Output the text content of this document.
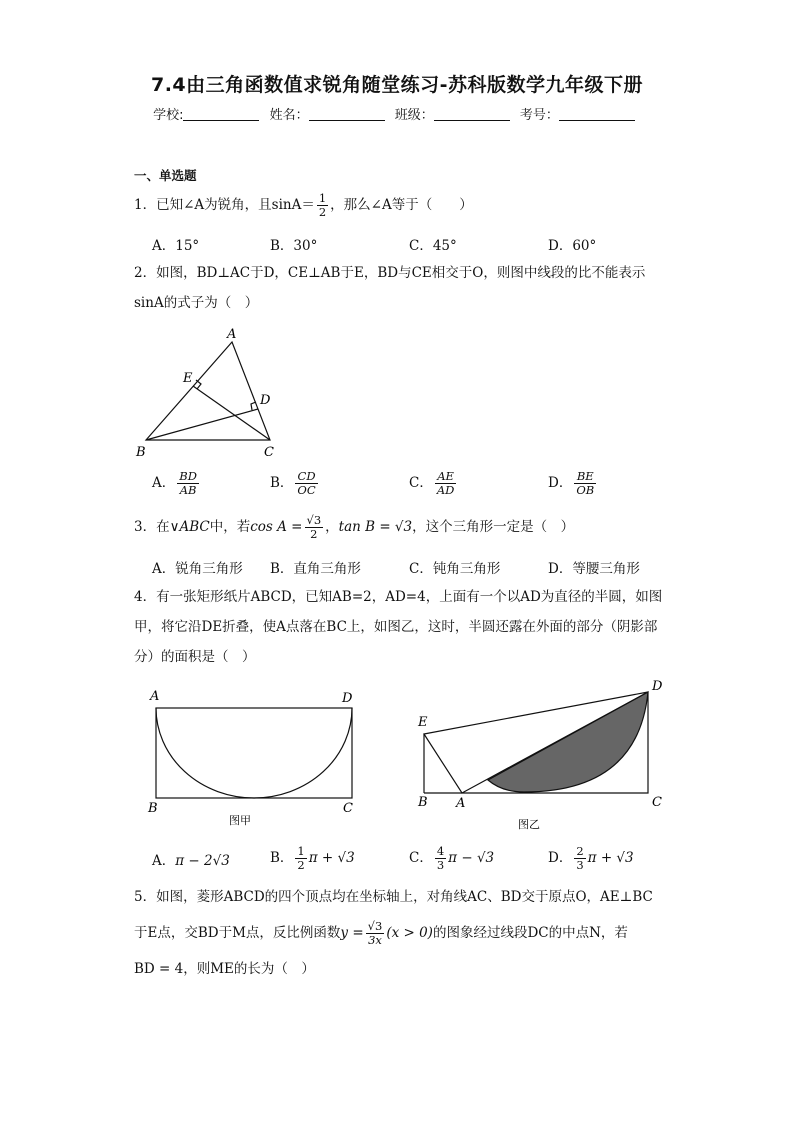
7.4由三角函数值求锐角随堂练习-苏科版数学九年级下册
学校:	姓名：	班级：	考号：
一、单选题
1．已知∠A为锐角，且$\sin A= \frac{1}{2}$ ，那么∠A等于（　　）
A．15°	B．30°	C．45°	D．60°
2．如图，BD⊥AC于D，CE⊥AB于E，BD与CE相交于O，则图中线段的比不能表示sinA的式子为（　）
A
B	C
D
E
A． $\frac{BD}{AB}$	B． $\frac{CD}{OC}$	C． $\frac{AE}{AD}$	D． $\frac{BE}{OB}$
3．在∨ABC中，若$\cos A = \frac{√3}{2}$ ，tan B = √3，这个三角形一定是（　）
A．锐角三角形 B．直角三角形	C．钝角三角形	D．等腰三角形
4．有一张矩形纸片ABCD，已知AB=2，AD=4，上面有一个以AD为直径的半圆，如图甲，将它沿DE折叠，使A点落在BC上，如图乙，这时，半圆还露在外面的部分（阴影部分）的面积是（　）
A	D
B	C
图甲
E
D
B A	C
图乙
A．π − 2√3	B． $\frac{1}{2}$ π + √3	C． $\frac{4}{3}$ π − √3	D． $\frac{2}{3}$ π + √3
5．如图，菱形ABCD的四个顶点均在坐标轴上，对角线AC、BD交于原点O，AE⊥BC
于E点，交BD于M点，反比例函数$y = \frac{√3}{3x} (x > 0)$的图象经过线段DC的中点N，若
BD = 4，则ME的长为（　）
